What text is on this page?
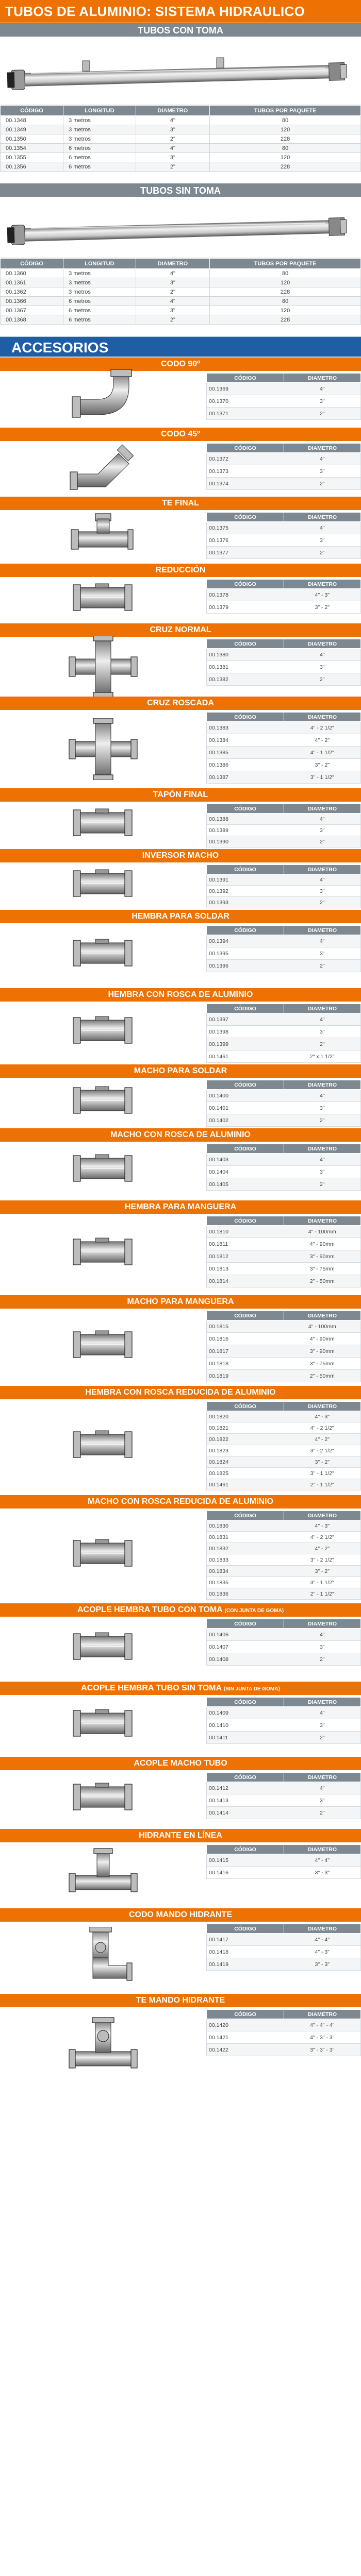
TUBOS DE ALUMINIO: SISTEMA HIDRAULICO
TUBOS CON TOMA
CÓDIGO	LONGITUD	DIAMETRO	TUBOS POR PAQUETE
00.1348	3 metros	4"	80
00.1349	3 metros	3"	120
00.1350	3 metros	2"	228
00.1354	6 metros	4"	80
00.1355	6 metros	3"	120
00.1356	6 metros	2"	228
TUBOS SIN TOMA
CÓDIGO	LONGITUD	DIAMETRO	TUBOS POR PAQUETE
00.1360	3 metros	4"	80
00.1361	3 metros	3"	120
00.1362	3 metros	2"	228
00.1366	6 metros	4"	80
00.1367	6 metros	3"	120
00.1368	6 metros	2"	228
ACCESORIOS
CODO 90º
CÓDIGO	DIAMETRO
00.1369	4"
00.1370	3"
00.1371	2"
CODO 45º
CÓDIGO	DIAMETRO
00.1372	4"
00.1373	3"
00.1374	2"
TE FINAL
CÓDIGO	DIAMETRO
00.1375	4"
00.1376	3"
00.1377	2"
REDUCCIÓN
CÓDIGO	DIAMETRO
00.1378	4" - 3"
00.1379	3" - 2"
CRUZ NORMAL
CÓDIGO	DIAMETRO
00.1380	4"
00.1381	3"
00.1382	2"
CRUZ ROSCADA
CÓDIGO	DIAMETRO
00.1383	4" - 2 1/2"
00.1384	4" - 2"
00.1385	4" - 1 1/2"
00.1386	3" - 2"
00.1387	3" - 1 1/2"
TAPÓN FINAL
CÓDIGO	DIAMETRO
00.1388	4"
00.1389	3"
00.1390	2"
INVERSOR MACHO
CÓDIGO	DIAMETRO
00.1391	4"
00.1392	3"
00.1393	2"
HEMBRA PARA SOLDAR
CÓDIGO	DIAMETRO
00.1394	4"
00.1395	3"
00.1396	2"
HEMBRA CON ROSCA DE ALUMINIO
CÓDIGO	DIAMETRO
00.1397	4"
00.1398	3"
00.1399	2"
00.1461	2" x 1 1/2"
MACHO PARA SOLDAR
CÓDIGO	DIAMETRO
00.1400	4"
00.1401	3"
00.1402	2"
MACHO CON ROSCA DE ALUMINIO
CÓDIGO	DIAMETRO
00.1403	4"
00.1404	3"
00.1405	2"
HEMBRA PARA MANGUERA
CÓDIGO	DIAMETRO
00.1810	4" - 100mm
00.1811	4" - 90mm
00.1812	3" - 90mm
00.1813	3" - 75mm
00.1814	2" - 50mm
MACHO PARA MANGUERA
CÓDIGO	DIAMETRO
00.1815	4" - 100mm
00.1816	4" - 90mm
00.1817	3" - 90mm
00.1818	3" - 75mm
00.1819	2" - 50mm
HEMBRA CON ROSCA REDUCIDA DE ALUMINIO
CÓDIGO	DIAMETRO
00.1820	4" - 3"
00.1821	4" - 2 1/2"
00.1822	4" - 2"
00.1823	3" - 2 1/2"
00.1824	3" - 2"
00.1825	3" - 1 1/2"
00.1461	2" - 1 1/2"
MACHO CON ROSCA REDUCIDA DE ALUMINIO
CÓDIGO	DIAMETRO
00.1830	4" - 3"
00.1831	4" - 2 1/2"
00.1832	4" - 2"
00.1833	3" - 2 1/2"
00.1834	3" - 2"
00.1835	3" - 1 1/2"
00.1836	2" - 1 1/2"
ACOPLE HEMBRA TUBO CON TOMA (CON JUNTA DE GOMA)
CÓDIGO	DIAMETRO
00.1406	4"
00.1407	3"
00.1408	2"
ACOPLE HEMBRA TUBO SIN TOMA (SIN JUNTA DE GOMA)
CÓDIGO	DIAMETRO
00.1409	4"
00.1410	3"
00.1411	2"
ACOPLE MACHO TUBO
CÓDIGO	DIAMETRO
00.1412	4"
00.1413	3"
00.1414	2"
HIDRANTE EN LÍNEA
CÓDIGO	DIAMETRO
00.1415	4" - 4"
00.1416	3" - 3"
CODO MANDO HIDRANTE
CÓDIGO	DIAMETRO
00.1417	4" - 4"
00.1418	4" - 3"
00.1419	3" - 3"
TE MANDO HIDRANTE
CÓDIGO	DIAMETRO
00.1420	4" - 4" - 4"
00.1421	4" - 3" - 3"
00.1422	3" - 3" - 3"
